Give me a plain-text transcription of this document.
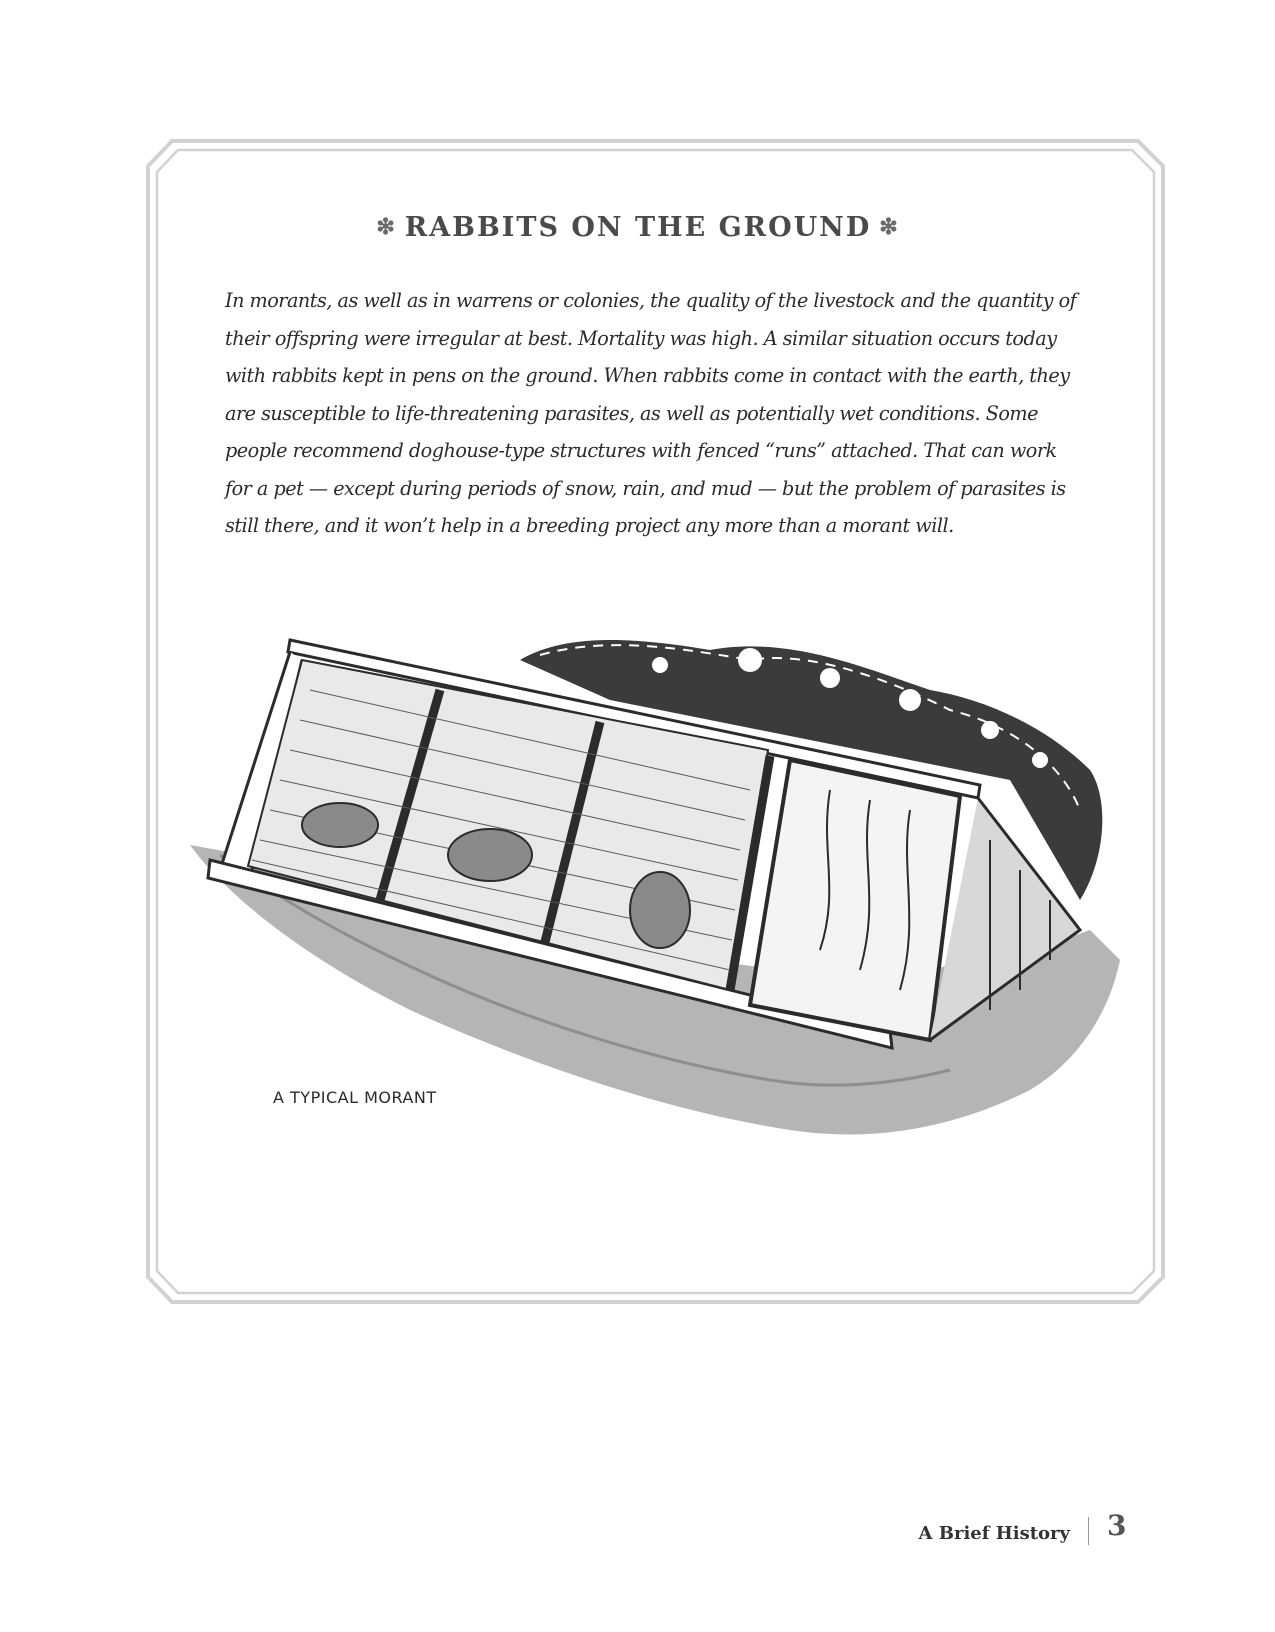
❇ RABBITS ON THE GROUND ❇

In morants, as well as in warrens or colonies, the quality of the livestock and the quantity of
their offspring were irregular at best. Mortality was high. A similar situation occurs today
with rabbits kept in pens on the ground. When rabbits come in contact with the earth, they
are susceptible to life-threatening parasites, as well as potentially wet conditions. Some
people recommend doghouse-type structures with fenced “runs” attached. That can work
for a pet — except during periods of snow, rain, and mud — but the problem of parasites is
still there, and it won’t help in a breeding project any more than a morant will.

A TYPICAL MORANT
A Brief History 3
